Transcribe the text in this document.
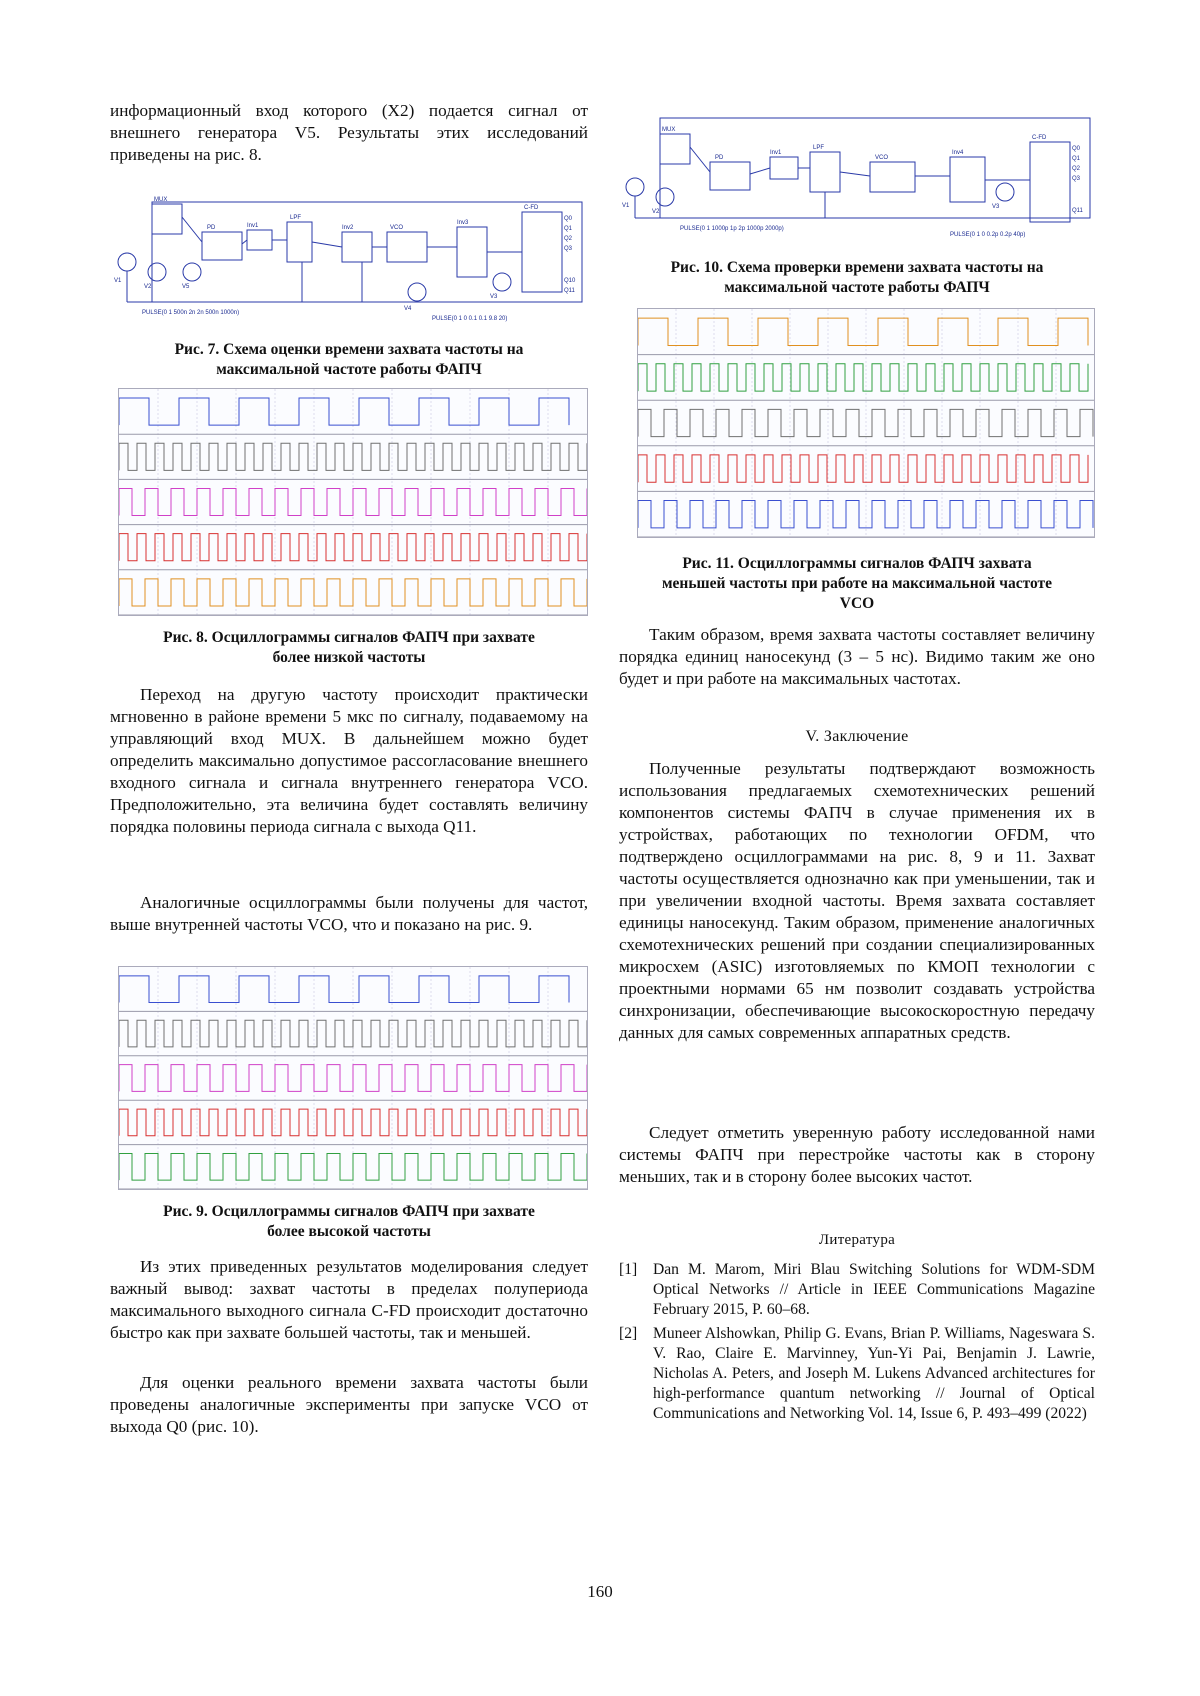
информационный вход которого (X2) подается сигнал от внешнего генератора V5. Результаты этих исследований приведены на рис. 8.

MUX
Inv1
LPF
Inv2	VCO
Inv3
C-FD
PD
V1
V2
V3
V4
V5
Q0
Q1
Q2
Q3
Q10
Q11
PULSE(0 1 500n 2n 2n 500n 1000n)
PULSE(0 1 0 0.1 0.1 9.8 20)

Рис. 7. Схема оценки времени захвата частоты на
максимальной частоте работы ФАПЧ

Рис. 8. Осциллограммы сигналов ФАПЧ при захвате
более низкой частоты

Переход на другую частоту происходит практически мгновенно в районе времени 5 мкс по сигналу, подаваемому на управляющий вход MUX. В дальнейшем можно будет определить максимально допустимое рассогласование внешнего входного сигнала и сигнала внутреннего генератора VCO. Предположительно, эта величина будет составлять величину порядка половины периода сигнала с выхода Q11.

Аналогичные осциллограммы были получены для частот, выше внутренней частоты VCO, что и показано на рис. 9.

Рис. 9. Осциллограммы сигналов ФАПЧ при захвате
более высокой частоты

Из этих приведенных результатов моделирования следует важный вывод: захват частоты в пределах полупериода максимального выходного сигнала C-FD происходит достаточно быстро как при захвате большей частоты, так и меньшей.

Для оценки реального времени захвата частоты были проведены аналогичные эксперименты при запуске VCO от выхода Q0 (рис. 10).

MUX
Inv1
PD
LPF
VCO
Inv4
C-FD
V1
V2
V3
Q0
Q1
Q2
Q3
Q11
PULSE(0 1 1000p 1p 2p 1000p 2000p)
PULSE(0 1 0 0.2p 0.2p 40p)

Рис. 10. Схема проверки времени захвата частоты на
максимальной частоте работы ФАПЧ

Рис. 11. Осциллограммы сигналов ФАПЧ захвата
меньшей частоты при работе на максимальной частоте
VCO

Таким образом, время захвата частоты составляет величину порядка единиц наносекунд (3 – 5 нс). Видимо таким же оно будет и при работе на максимальных частотах.

V. Заключение

Полученные результаты подтверждают возможность использования предлагаемых схемотехнических решений компонентов системы ФАПЧ в случае применения их в устройствах, работающих по технологии OFDM, что подтверждено осциллограммами на рис. 8, 9 и 11. Захват частоты осуществляется однозначно как при уменьшении, так и при увеличении входной частоты. Время захвата составляет единицы наносекунд. Таким образом, применение аналогичных схемотехнических решений при создании специализированных микросхем (ASIC) изготовляемых по КМОП технологии с проектными нормами 65 нм позволит создавать устройства синхронизации, обеспечивающие высокоскоростную передачу данных для самых современных аппаратных средств.

Следует отметить уверенную работу исследованной нами системы ФАПЧ при перестройке частоты как в сторону меньших, так и в сторону более высоких частот.

Литература

[1] Dan M. Marom, Miri Blau Switching Solutions for WDM-SDM Optical Networks // Article in IEEE Communications Magazine February 2015, P. 60–68.
[2] Muneer Alshowkan, Philip G. Evans, Brian P. Williams, Nageswara S. V. Rao, Claire E. Marvinney, Yun-Yi Pai, Benjamin J. Lawrie, Nicholas A. Peters, and Joseph M. Lukens Advanced architectures for high-performance quantum networking // Journal of Optical Communications and Networking Vol. 14, Issue 6, P. 493–499 (2022)
160
